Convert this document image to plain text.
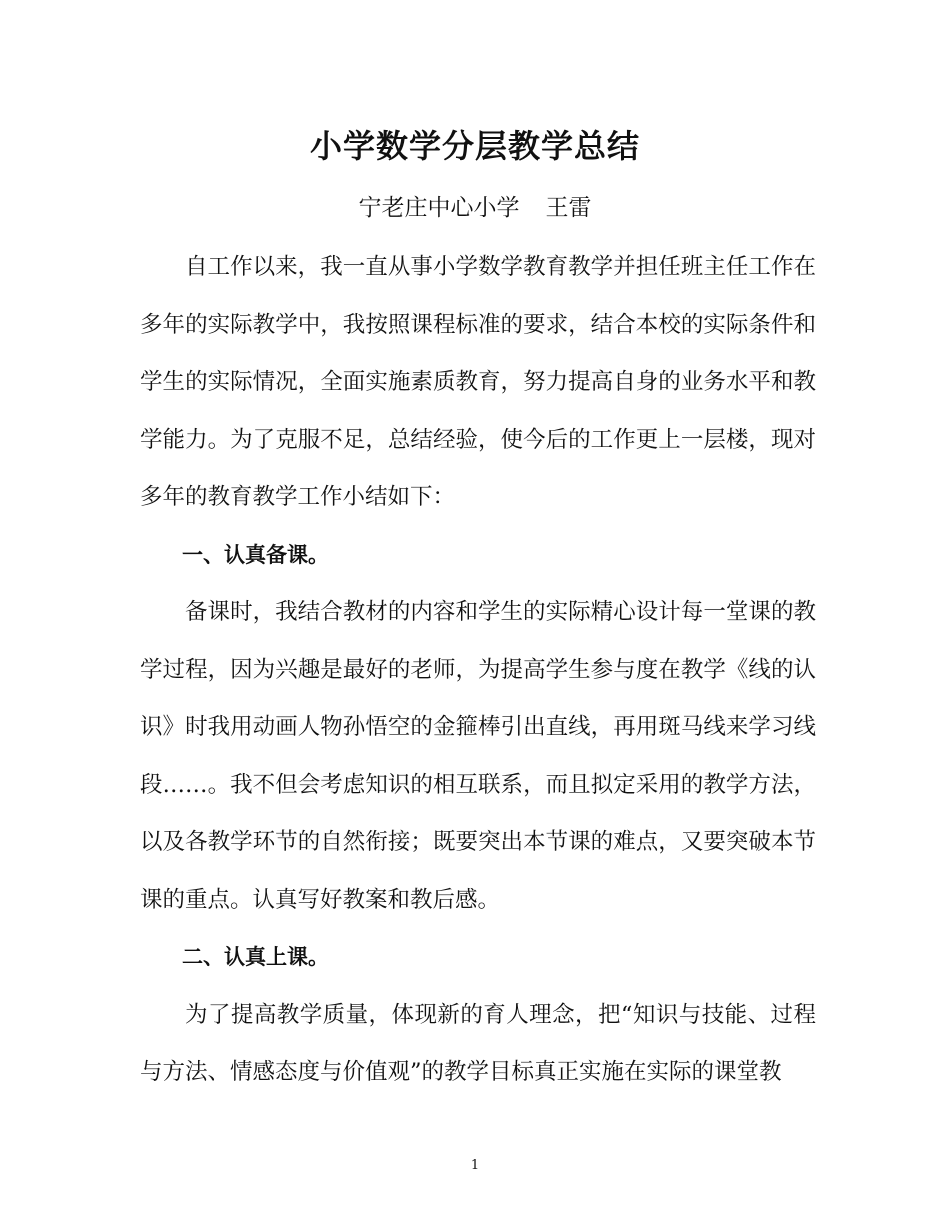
小学数学分层教学总结
宁老庄中心小学 王雷

自工作以来，我一直从事小学数学教育教学并担任班主任工作在多年的实际教学中，我按照课程标准的要求，结合本校的实际条件和学生的实际情况，全面实施素质教育，努力提高自身的业务水平和教学能力。为了克服不足，总结经验，使今后的工作更上一层楼，现对多年的教育教学工作小结如下：

一、认真备课。

备课时，我结合教材的内容和学生的实际精心设计每一堂课的教学过程，因为兴趣是最好的老师，为提高学生参与度在教学《线的认识》时我用动画人物孙悟空的金箍棒引出直线，再用斑马线来学习线段……。我不但会考虑知识的相互联系，而且拟定采用的教学方法，以及各教学环节的自然衔接；既要突出本节课的难点，又要突破本节课的重点。认真写好教案和教后感。

二、认真上课。

为了提高教学质量，体现新的育人理念，把“知识与技能、过程与方法、情感态度与价值观”的教学目标真正实施在实际的课堂教

1
